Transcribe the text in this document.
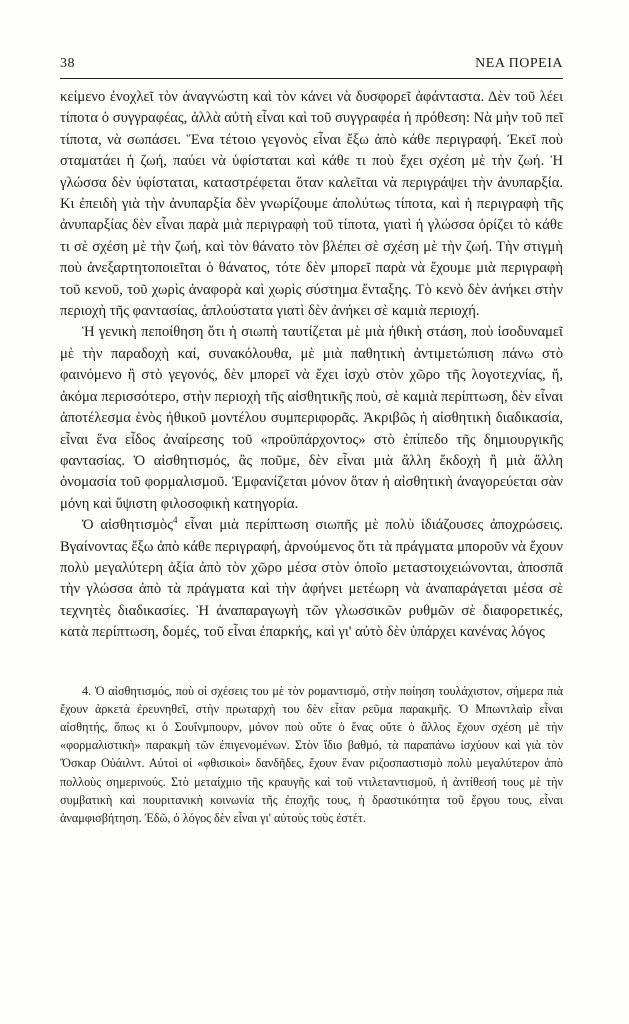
38	ΝΕΑ ΠΟΡΕΙΑ

κείμενο ἐνοχλεῖ τὸν ἀναγνώστη καὶ τὸν κάνει νὰ δυσφορεῖ ἀφάνταστα. Δὲν τοῦ λέει τίποτα ὁ συγγραφέας, ἀλλὰ αὐτὴ εἶναι καὶ τοῦ συγγραφέα ἡ πρόθεση: Νὰ μὴν τοῦ πεῖ τίποτα, νὰ σωπάσει. Ἕνα τέτοιο γεγονὸς εἶναι ἔξω ἀπὸ κάθε περιγραφή. Ἐκεῖ ποὺ σταματάει ἡ ζωή, παύει νὰ ὑφίσταται καὶ κάθε τι ποὺ ἔχει σχέση μὲ τὴν ζωή. Ἡ γλώσσα δὲν ὑφίσταται, καταστρέφεται ὅταν καλεῖται νὰ περιγράψει τὴν ἀνυπαρξία. Κι ἐπειδὴ γιὰ τὴν ἀνυπαρξία δὲν γνωρίζουμε ἀπολύτως τίποτα, καὶ ἡ περιγραφὴ τῆς ἀνυπαρξίας δὲν εἶναι παρὰ μιὰ περιγραφὴ τοῦ τίποτα, γιατὶ ἡ γλώσσα ὁρίζει τὸ κάθε τι σὲ σχέση μὲ τὴν ζωή, καὶ τὸν θάνατο τὸν βλέπει σὲ σχέση μὲ τὴν ζωή. Τὴν στιγμὴ ποὺ ἀνεξαρτητοποιεῖται ὁ θάνατος, τότε δὲν μπορεῖ παρὰ νὰ ἔχουμε μιὰ περιγραφὴ τοῦ κενοῦ, τοῦ χωρὶς ἀναφορὰ καὶ χωρὶς σύστημα ἔνταξης. Τὸ κενὸ δὲν ἀνήκει στὴν περιοχὴ τῆς φαντασίας, ἁπλούστατα γιατὶ δὲν ἀνήκει σὲ καμιὰ περιοχή.

Ἡ γενικὴ πεποίθηση ὅτι ἡ σιωπὴ ταυτίζεται μὲ μιὰ ἠθικὴ στάση, ποὺ ἰσοδυναμεῖ μὲ τὴν παραδοχὴ καί, συνακόλουθα, μὲ μιὰ παθητικὴ ἀντιμετώπιση πάνω στὸ φαινόμενο ἢ στὸ γεγονός, δὲν μπορεῖ νὰ ἔχει ἰσχὺ στὸν χῶρο τῆς λογοτεχνίας, ἤ, ἀκόμα περισσότερο, στὴν περιοχὴ τῆς αἰσθητικῆς ποὺ, σὲ καμιὰ περίπτωση, δὲν εἶναι ἀποτέλεσμα ἑνὸς ἠθικοῦ μοντέλου συμπεριφορᾶς. Ἀκριβῶς ἡ αἰσθητικὴ διαδικασία, εἶναι ἕνα εἶδος ἀναίρεσης τοῦ «προϋπάρχοντος» στὸ ἐπίπεδο τῆς δημιουργικῆς φαντασίας. Ὁ αἰσθητισμός, ἂς ποῦμε, δὲν εἶναι μιὰ ἄλλη ἔκδοχὴ ἢ μιὰ ἄλλη ὀνομασία τοῦ φορμαλισμοῦ. Ἐμφανίζεται μόνον ὅταν ἡ αἰσθητικὴ ἀναγορεύεται σὰν μόνη καὶ ὕψιστη φιλοσοφικὴ κατηγορία.

Ὁ αἰσθητισμὸς$^4$ εἶναι μιὰ περίπτωση σιωπῆς μὲ πολὺ ἰδιάζουσες ἀποχρώσεις. Βγαίνοντας ἔξω ἀπὸ κάθε περιγραφή, ἀρνούμενος ὅτι τὰ πράγματα μποροῦν νὰ ἔχουν πολὺ μεγαλύτερη ἀξία ἀπὸ τὸν χῶρο μέσα στὸν ὁποῖο μεταστοιχειώνονται, ἀποσπᾶ τὴν γλώσσα ἀπὸ τὰ πράγματα καὶ τὴν ἀφήνει μετέωρη νὰ ἀναπαράγεται μέσα σὲ τεχνητὲς διαδικασίες. Ἡ ἀναπαραγωγὴ τῶν γλωσσικῶν ρυθμῶν σὲ διαφορετικές, κατὰ περίπτωση, δομές, τοῦ εἶναι ἐπαρκής, καὶ γι' αὐτὸ δὲν ὑπάρχει κανένας λόγος

4. Ὁ αἰσθητισμός, ποὺ οἱ σχέσεις του μὲ τὸν ρομαντισμό, στὴν ποίηση τουλάχιστον, σήμερα πιὰ ἔχουν ἀρκετὰ ἐρευνηθεῖ, στὴν πρωταρχὴ του δὲν εἶταν ρεῦμα παρακμῆς. Ὁ Μπωντλαὶρ εἶναι αἰσθητής, ὅπως κι ὁ Σουΐνμπουρν, μόνον ποὺ οὔτε ὁ ἕνας οὔτε ὁ ἄλλος ἔχουν σχέση μὲ τὴν «φορμαλιστικὴ» παρακμὴ τῶν ἐπιγενομένων. Στὸν ἴδιο βαθμό, τὰ παραπάνω ἰσχύουν καὶ γιὰ τὸν Ὄσκαρ Οὐάιλντ. Αὐτοὶ οἱ «φθισικοὶ» δανδῆδες, ἔχουν ἕναν ριζοσπαστισμὸ πολὺ μεγαλύτερον ἀπὸ πολλοὺς σημερινούς. Στὸ μεταίχμιο τῆς κραυγῆς καὶ τοῦ ντιλεταντισμοῦ, ἡ ἀντίθεσή τους μὲ τὴν συμβατικὴ καὶ πουριτανικὴ κοινωνία τῆς ἐποχῆς τους, ἡ δραστικότητα τοῦ ἔργου τους, εἶναι ἀναμφισβήτηση. Ἐδῶ, ὁ λόγος δὲν εἶναι γι' αὐτοὺς τοὺς ἐστέτ.
